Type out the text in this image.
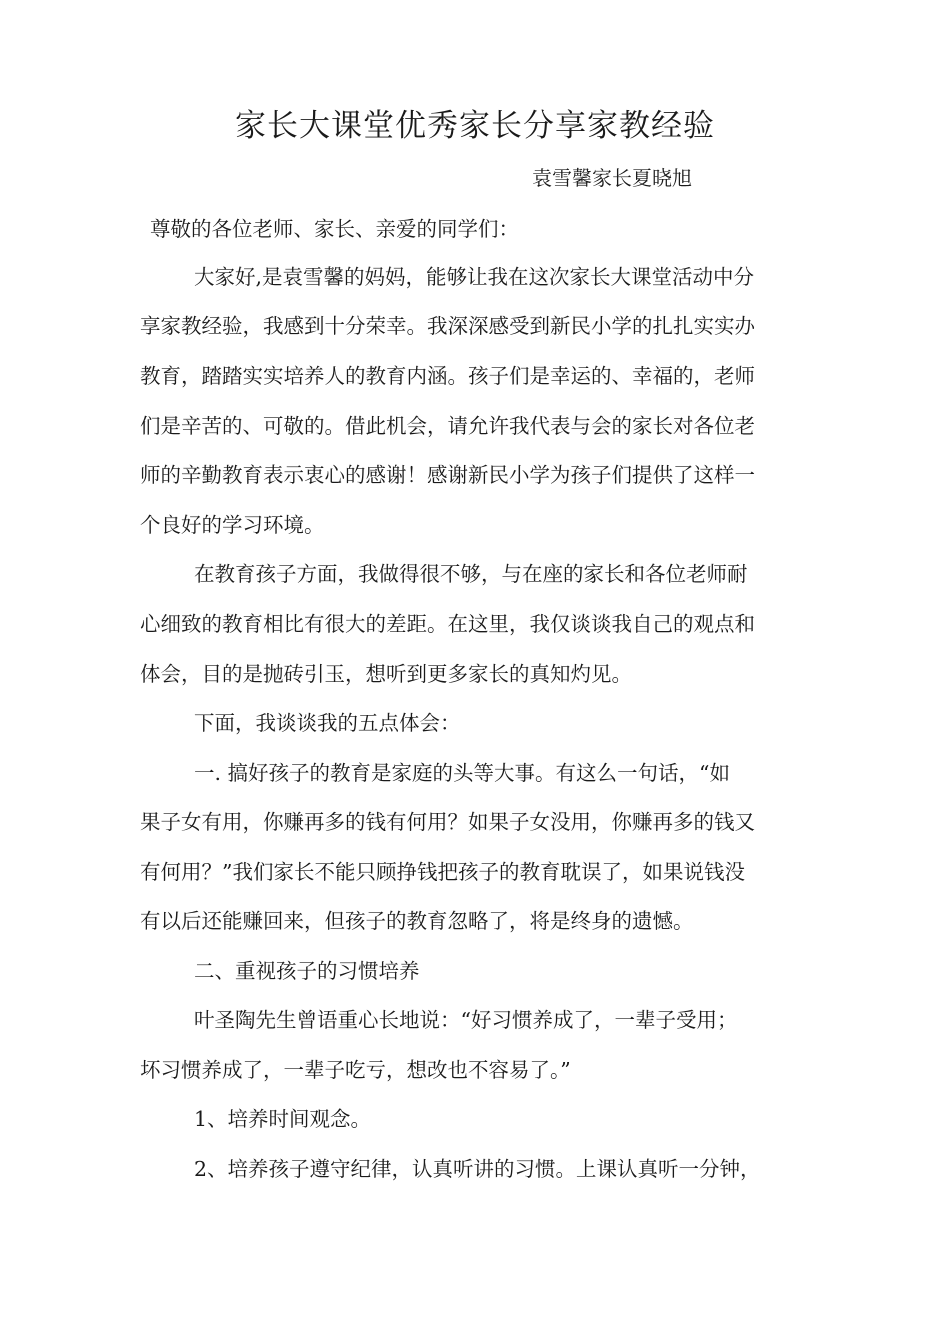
家长大课堂优秀家长分享家教经验
袁雪馨家长夏晓旭
尊敬的各位老师、家长、亲爱的同学们：
大家好,是袁雪馨的妈妈，能够让我在这次家长大课堂活动中分
享家教经验，我感到十分荣幸。我深深感受到新民小学的扎扎实实办
教育，踏踏实实培养人的教育内涵。孩子们是幸运的、幸福的，老师
们是辛苦的、可敬的。借此机会，请允许我代表与会的家长对各位老
师的辛勤教育表示衷心的感谢！感谢新民小学为孩子们提供了这样一
个良好的学习环境。
在教育孩子方面，我做得很不够，与在座的家长和各位老师耐
心细致的教育相比有很大的差距。在这里，我仅谈谈我自己的观点和
体会，目的是抛砖引玉，想听到更多家长的真知灼见。
下面，我谈谈我的五点体会：
一. 搞好孩子的教育是家庭的头等大事。有这么一句话，“如
果子女有用，你赚再多的钱有何用？如果子女没用，你赚再多的钱又
有何用？”我们家长不能只顾挣钱把孩子的教育耽误了，如果说钱没
有以后还能赚回来，但孩子的教育忽略了，将是终身的遗憾。
二、重视孩子的习惯培养
叶圣陶先生曾语重心长地说：“好习惯养成了，一辈子受用；
坏习惯养成了，一辈子吃亏，想改也不容易了。”
1、培养时间观念。
2、培养孩子遵守纪律，认真听讲的习惯。上课认真听一分钟，
